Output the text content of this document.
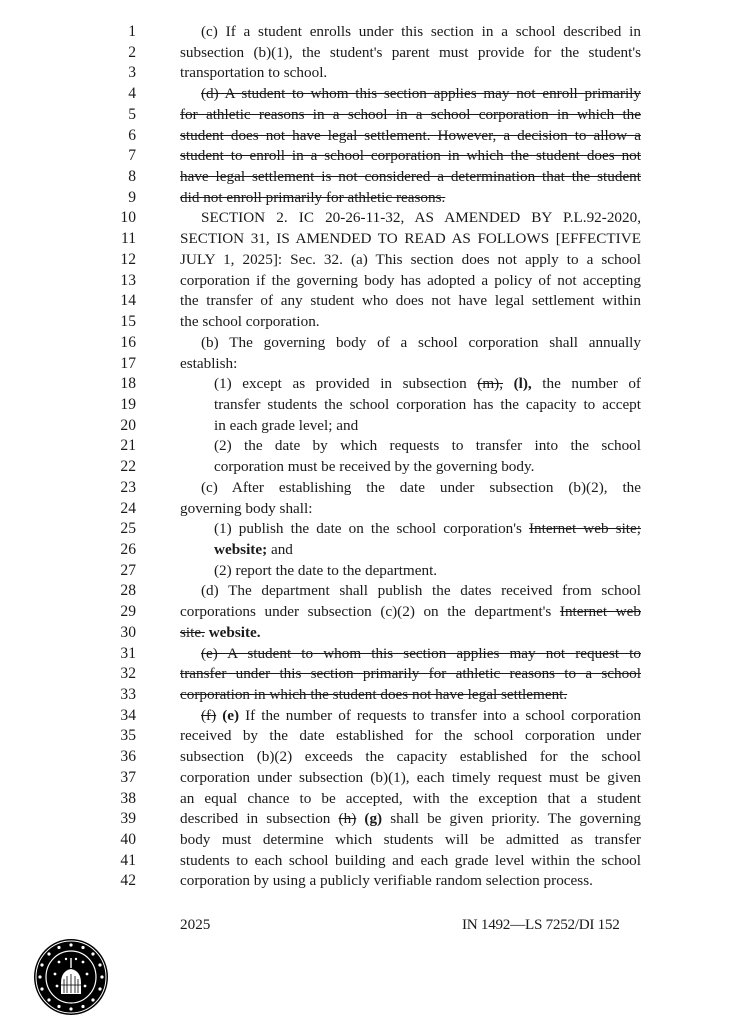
1	(c) If a student enrolls under this section in a school described in
2	subsection (b)(1), the student's parent must provide for the student's
3	transportation to school.
4	(d) A student to whom this section applies may not enroll primarily
5	for athletic reasons in a school in a school corporation in which the
6	student does not have legal settlement. However, a decision to allow a
7	student to enroll in a school corporation in which the student does not
8	have legal settlement is not considered a determination that the student
9	did not enroll primarily for athletic reasons.
10	SECTION 2. IC 20-26-11-32, AS AMENDED BY P.L.92-2020,
11	SECTION 31, IS AMENDED TO READ AS FOLLOWS [EFFECTIVE
12	JULY 1, 2025]: Sec. 32. (a) This section does not apply to a school
13	corporation if the governing body has adopted a policy of not accepting
14	the transfer of any student who does not have legal settlement within
15	the school corporation.
16	(b) The governing body of a school corporation shall annually
17	establish:
18	(1) except as provided in subsection (m), (l), the number of
19	transfer students the school corporation has the capacity to accept
20	in each grade level; and
21	(2) the date by which requests to transfer into the school
22	corporation must be received by the governing body.
23	(c) After establishing the date under subsection (b)(2), the
24	governing body shall:
25	(1) publish the date on the school corporation's Internet web site;
26	website; and
27	(2) report the date to the department.
28	(d) The department shall publish the dates received from school
29	corporations under subsection (c)(2) on the department's Internet web
30	site. website.
31	(e) A student to whom this section applies may not request to
32	transfer under this section primarily for athletic reasons to a school
33	corporation in which the student does not have legal settlement.
34	(f) (e) If the number of requests to transfer into a school corporation
35	received by the date established for the school corporation under
36	subsection (b)(2) exceeds the capacity established for the school
37	corporation under subsection (b)(1), each timely request must be given
38	an equal chance to be accepted, with the exception that a student
39	described in subsection (h) (g) shall be given priority. The governing
40	body must determine which students will be admitted as transfer
41	students to each school building and each grade level within the school
42	corporation by using a publicly verifiable random selection process.
2025	IN 1492—LS 7252/DI 152
